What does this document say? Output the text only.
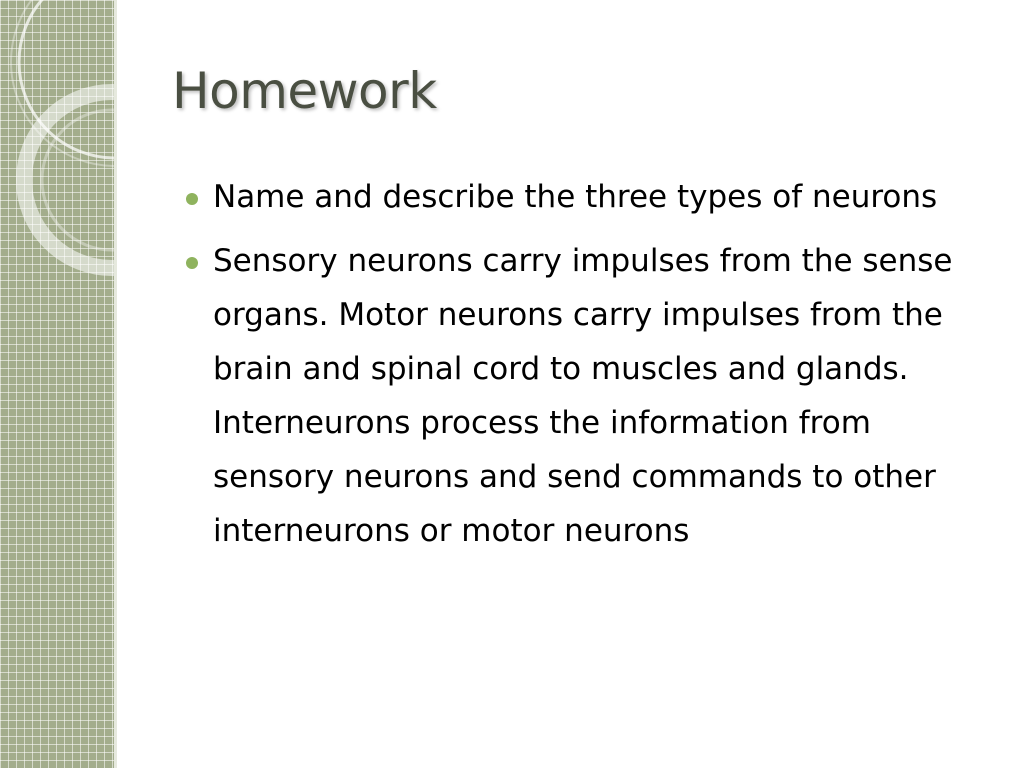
Homework
Name and describe the three types of neurons
Sensory neurons carry impulses from the sense organs. Motor neurons carry impulses from the brain and spinal cord to muscles and glands. Interneurons process the information from sensory neurons and send commands to other interneurons or motor neurons
